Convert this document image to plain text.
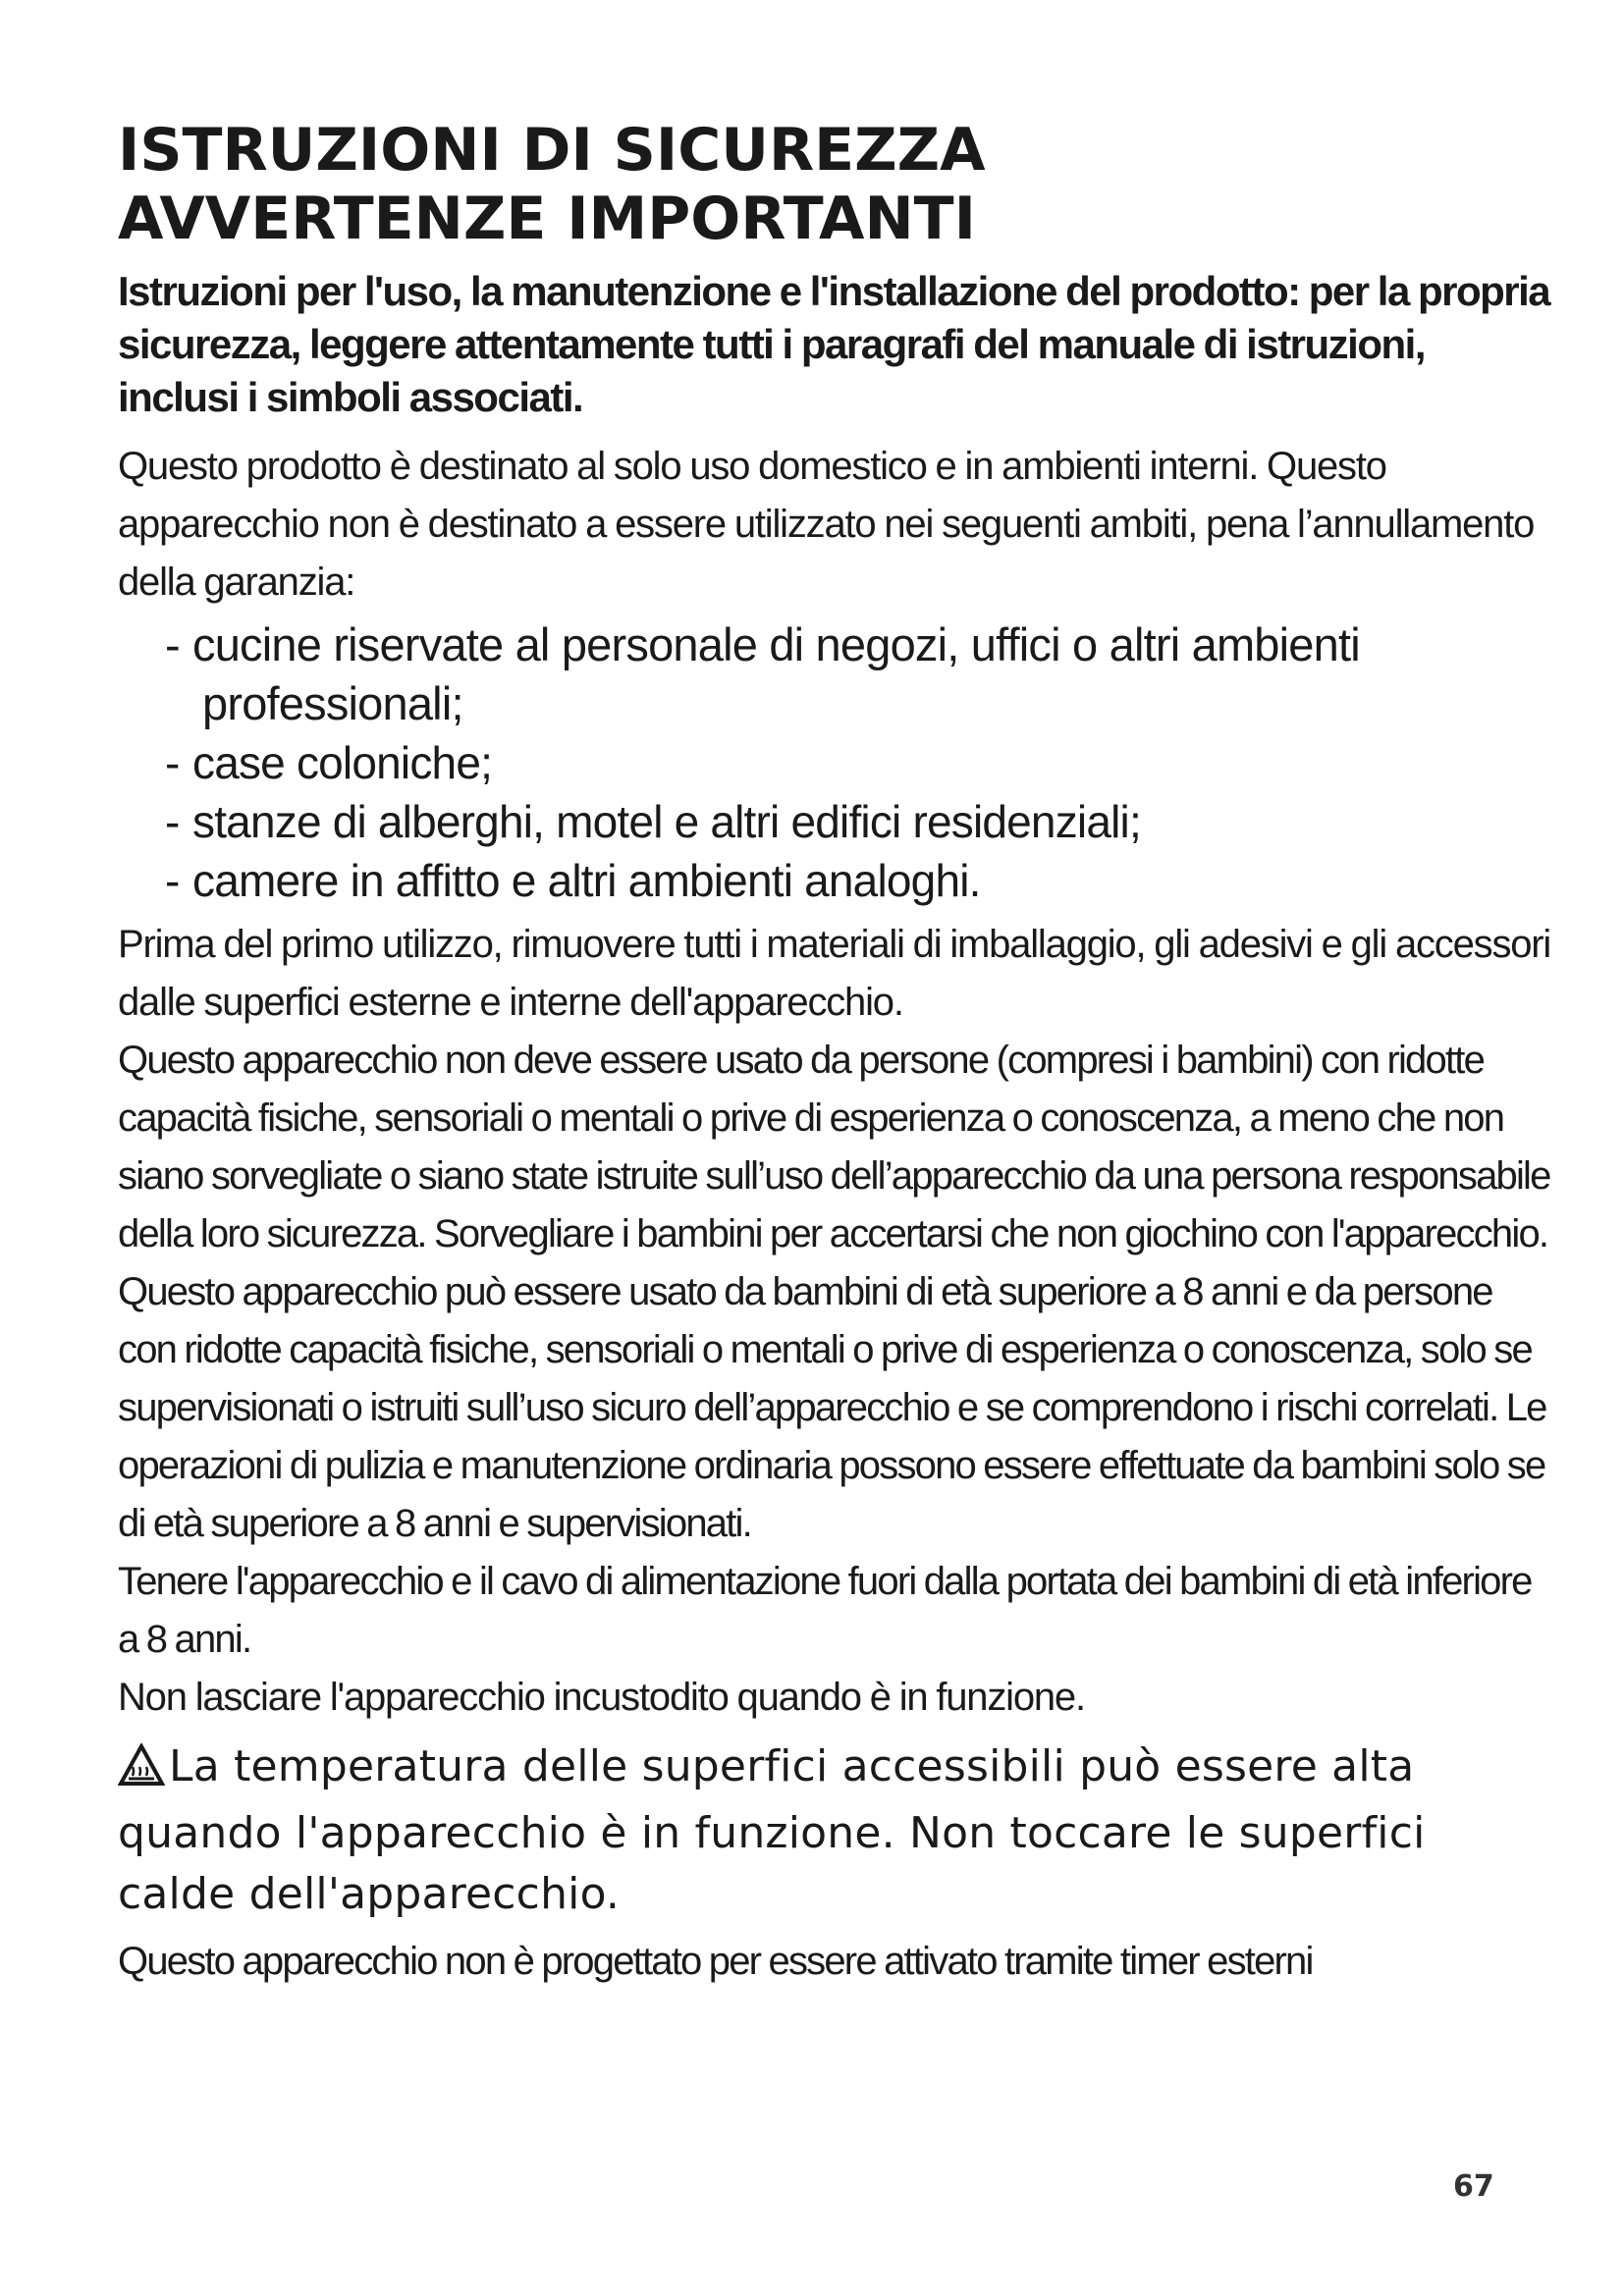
ISTRUZIONI DI SICUREZZA
AVVERTENZE IMPORTANTI

Istruzioni per l'uso, la manutenzione e l'installazione del prodotto: per la propria sicurezza, leggere attentamente tutti i paragrafi del manuale di istruzioni, inclusi i simboli associati.

Questo prodotto è destinato al solo uso domestico e in ambienti interni. Questo apparecchio non è destinato a essere utilizzato nei seguenti ambiti, pena l’annullamento della garanzia:

- cucine riservate al personale di negozi, uffici o altri ambienti
professionali;
- case coloniche;
- stanze di alberghi, motel e altri edifici residenziali;
- camere in affitto e altri ambienti analoghi.

Prima del primo utilizzo, rimuovere tutti i materiali di imballaggio, gli adesivi e gli accessori dalle superfici esterne e interne dell'apparecchio.

Questo apparecchio non deve essere usato da persone (compresi i bambini) con ridotte capacità fisiche, sensoriali o mentali o prive di esperienza o conoscenza, a meno che non siano sorvegliate o siano state istruite sull’uso dell’apparecchio da una persona responsabile della loro sicurezza. Sorvegliare i bambini per accertarsi che non giochino con l'apparecchio.

Questo apparecchio può essere usato da bambini di età superiore a 8 anni e da persone con ridotte capacità fisiche, sensoriali o mentali o prive di esperienza o conoscenza, solo se supervisionati o istruiti sull’uso sicuro dell’apparecchio e se comprendono i rischi correlati. Le operazioni di pulizia e manutenzione ordinaria possono essere effettuate da bambini solo se di età superiore a 8 anni e supervisionati.

Tenere l'apparecchio e il cavo di alimentazione fuori dalla portata dei bambini di età inferiore a 8 anni.

Non lasciare l'apparecchio incustodito quando è in funzione.

La temperatura delle superfici accessibili può essere alta quando l'apparecchio è in funzione. Non toccare le superfici calde dell'apparecchio.

Questo apparecchio non è progettato per essere attivato tramite timer esterni

67
